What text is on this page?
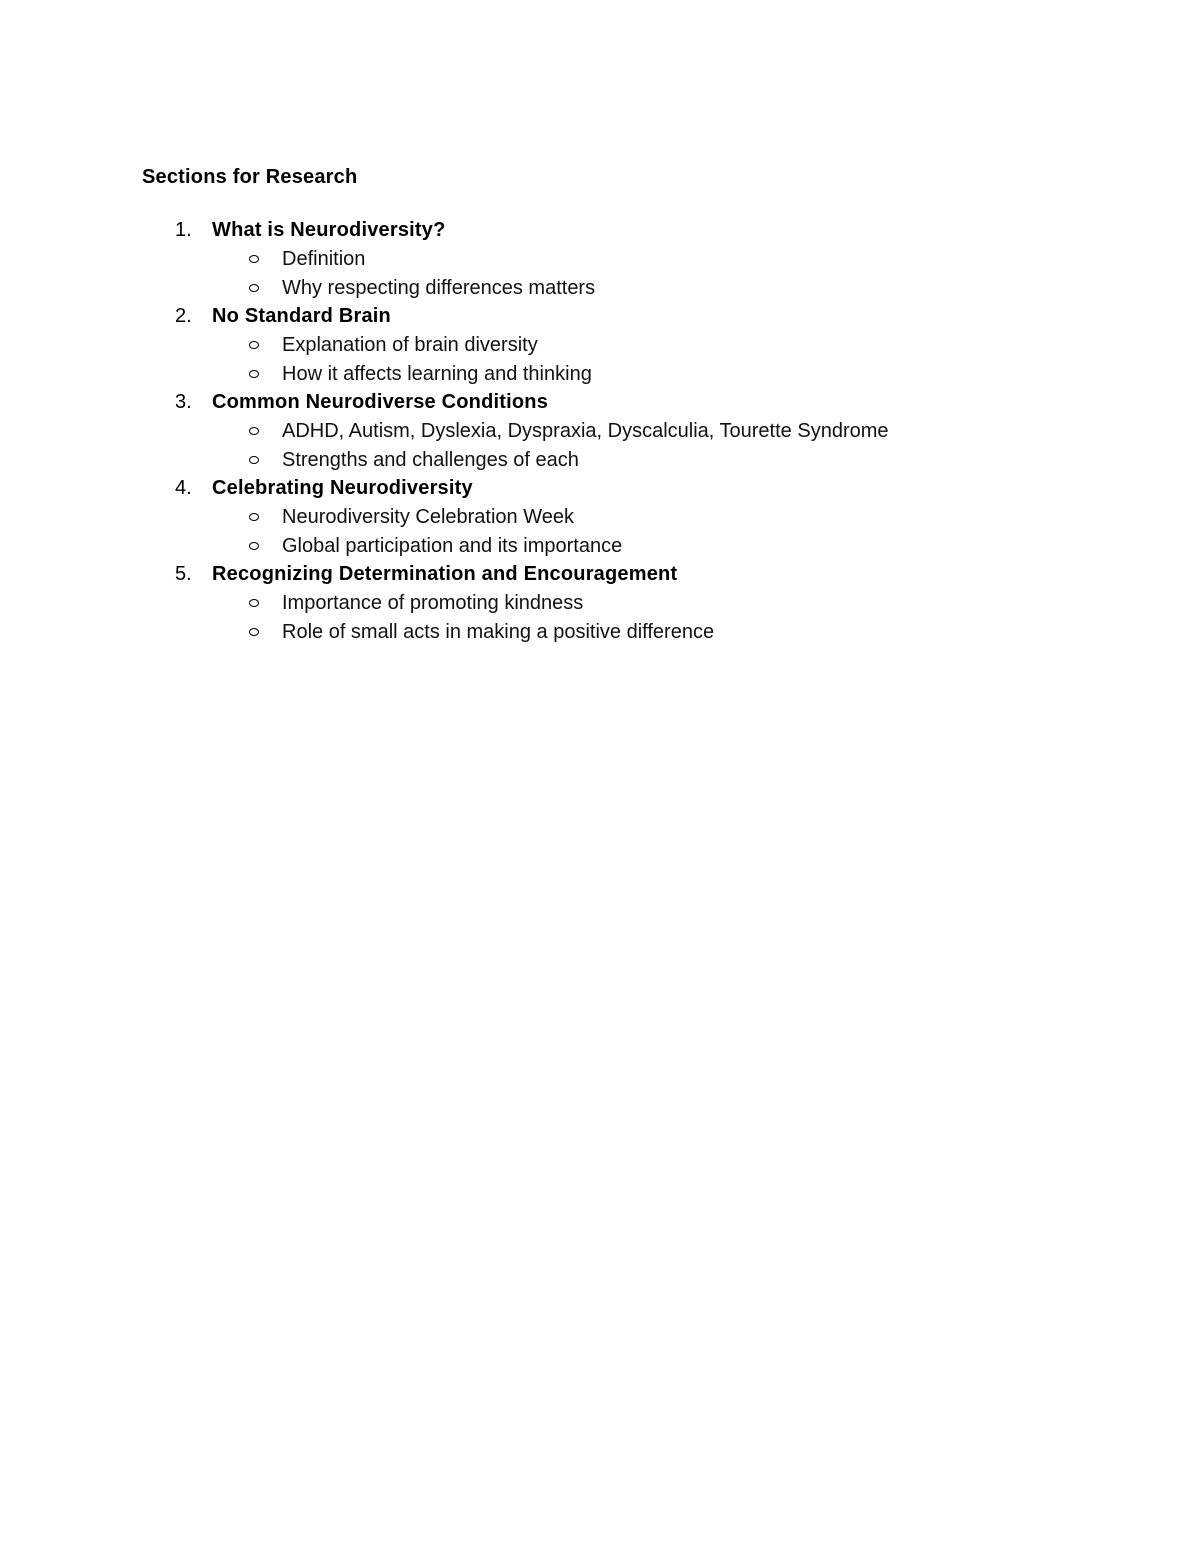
Sections for Research
1.	What is Neurodiversity?
Definition
Why respecting differences matters
2.	No Standard Brain
Explanation of brain diversity
How it affects learning and thinking
3.	Common Neurodiverse Conditions
ADHD, Autism, Dyslexia, Dyspraxia, Dyscalculia, Tourette Syndrome
Strengths and challenges of each
4.	Celebrating Neurodiversity
Neurodiversity Celebration Week
Global participation and its importance
5.	Recognizing Determination and Encouragement
Importance of promoting kindness
Role of small acts in making a positive difference
